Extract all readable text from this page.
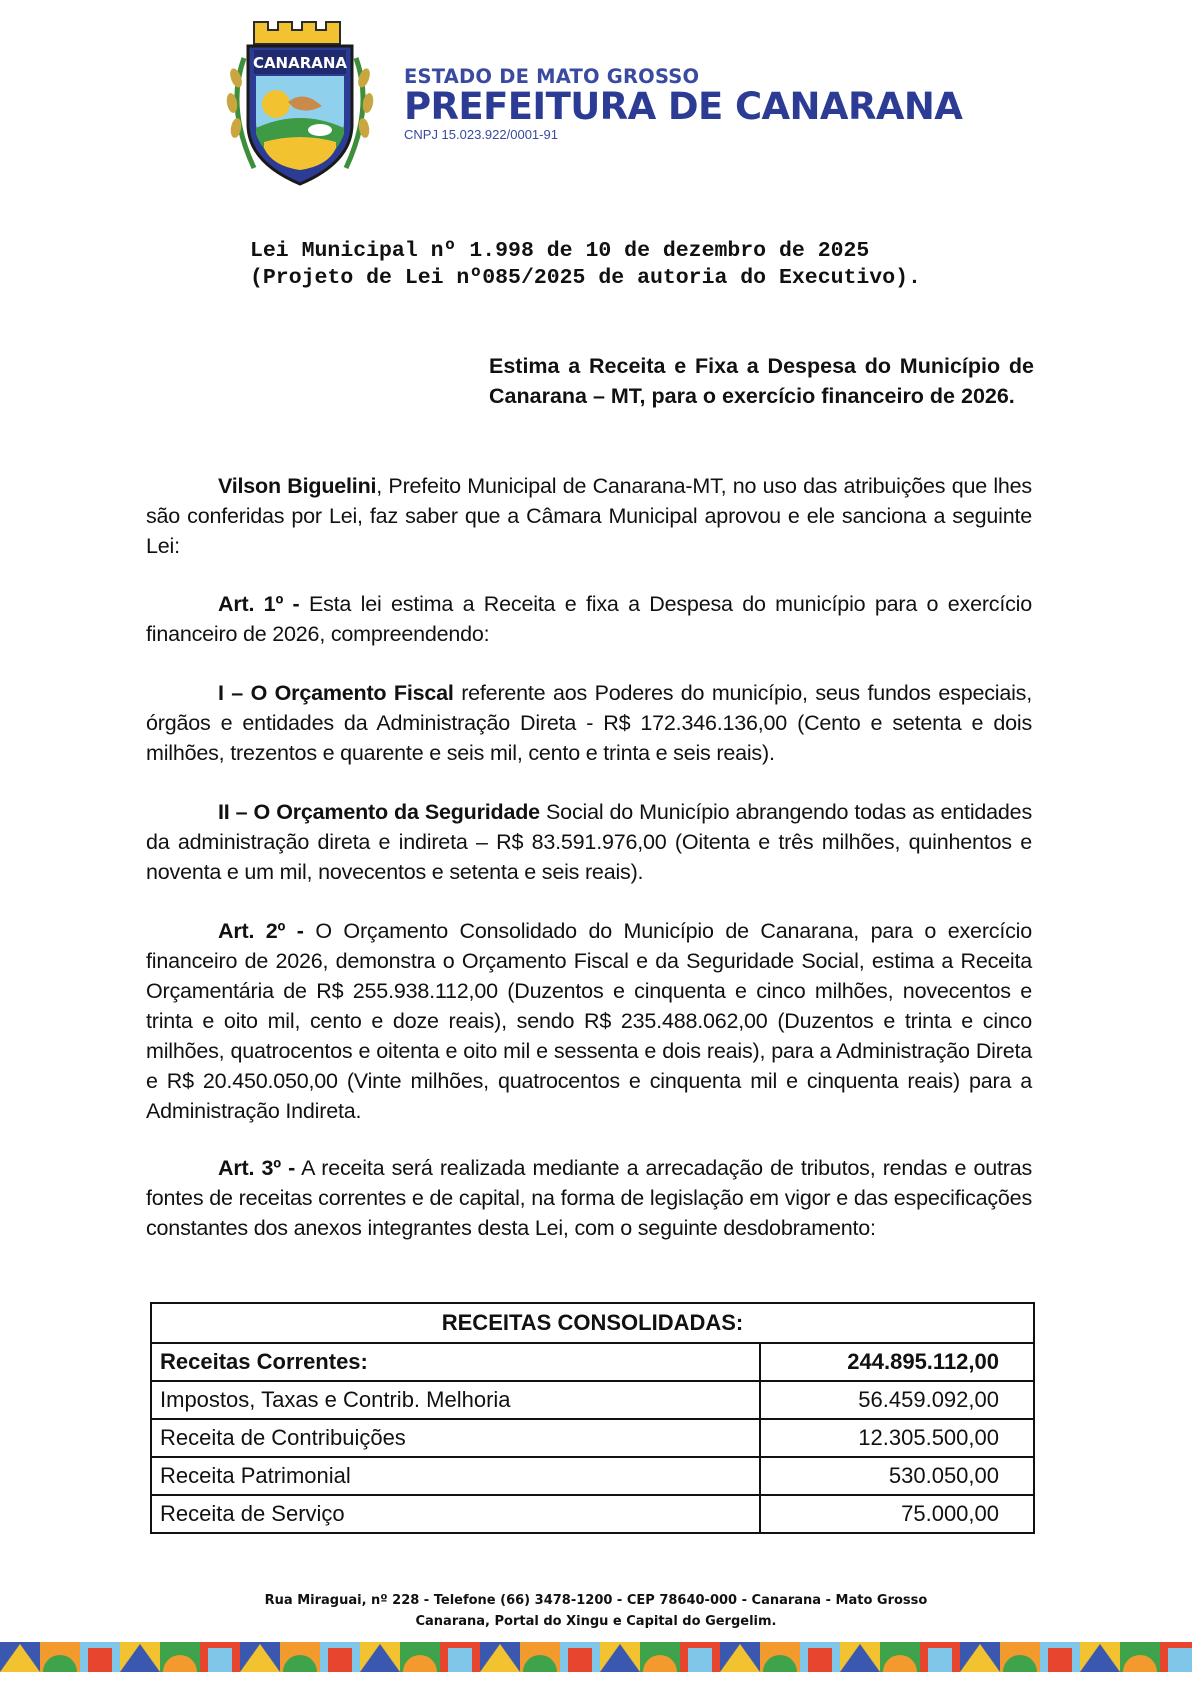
CANARANA
ESTADO DE MATO GROSSO
PREFEITURA DE CANARANA
CNPJ 15.023.922/0001-91
Lei Municipal nº 1.998 de 10 de dezembro de 2025
(Projeto de Lei nº085/2025 de autoria do Executivo).
Estima a Receita e Fixa a Despesa do Município de Canarana – MT, para o exercício financeiro de 2026.
Vilson Biguelini, Prefeito Municipal de Canarana-MT, no uso das atribuições que lhes são conferidas por Lei, faz saber que a Câmara Municipal aprovou e ele sanciona a seguinte Lei:
Art. 1º - Esta lei estima a Receita e fixa a Despesa do município para o exercício financeiro de 2026, compreendendo:
I – O Orçamento Fiscal referente aos Poderes do município, seus fundos especiais, órgãos e entidades da Administração Direta - R$ 172.346.136,00 (Cento e setenta e dois milhões, trezentos e quarente e seis mil, cento e trinta e seis reais).
II – O Orçamento da Seguridade Social do Município abrangendo todas as entidades da administração direta e indireta – R$ 83.591.976,00 (Oitenta e três milhões, quinhentos e noventa e um mil, novecentos e setenta e seis reais).
Art. 2º - O Orçamento Consolidado do Município de Canarana, para o exercício financeiro de 2026, demonstra o Orçamento Fiscal e da Seguridade Social, estima a Receita Orçamentária de R$ 255.938.112,00 (Duzentos e cinquenta e cinco milhões, novecentos e trinta e oito mil, cento e doze reais), sendo R$ 235.488.062,00 (Duzentos e trinta e cinco milhões, quatrocentos e oitenta e oito mil e sessenta e dois reais), para a Administração Direta e R$ 20.450.050,00 (Vinte milhões, quatrocentos e cinquenta mil e cinquenta reais) para a Administração Indireta.
Art. 3º - A receita será realizada mediante a arrecadação de tributos, rendas e outras fontes de receitas correntes e de capital, na forma de legislação em vigor e das especificações constantes dos anexos integrantes desta Lei, com o seguinte desdobramento:
RECEITAS CONSOLIDADAS:	
Receitas Correntes:	244.895.112,00
Impostos, Taxas e Contrib. Melhoria	56.459.092,00
Receita de Contribuições	12.305.500,00
Receita Patrimonial	530.050,00
Receita de Serviço	75.000,00
Rua Miraguai, nº 228 - Telefone (66) 3478-1200 - CEP 78640-000 - Canarana - Mato Grosso
Canarana, Portal do Xingu e Capital do Gergelim.
